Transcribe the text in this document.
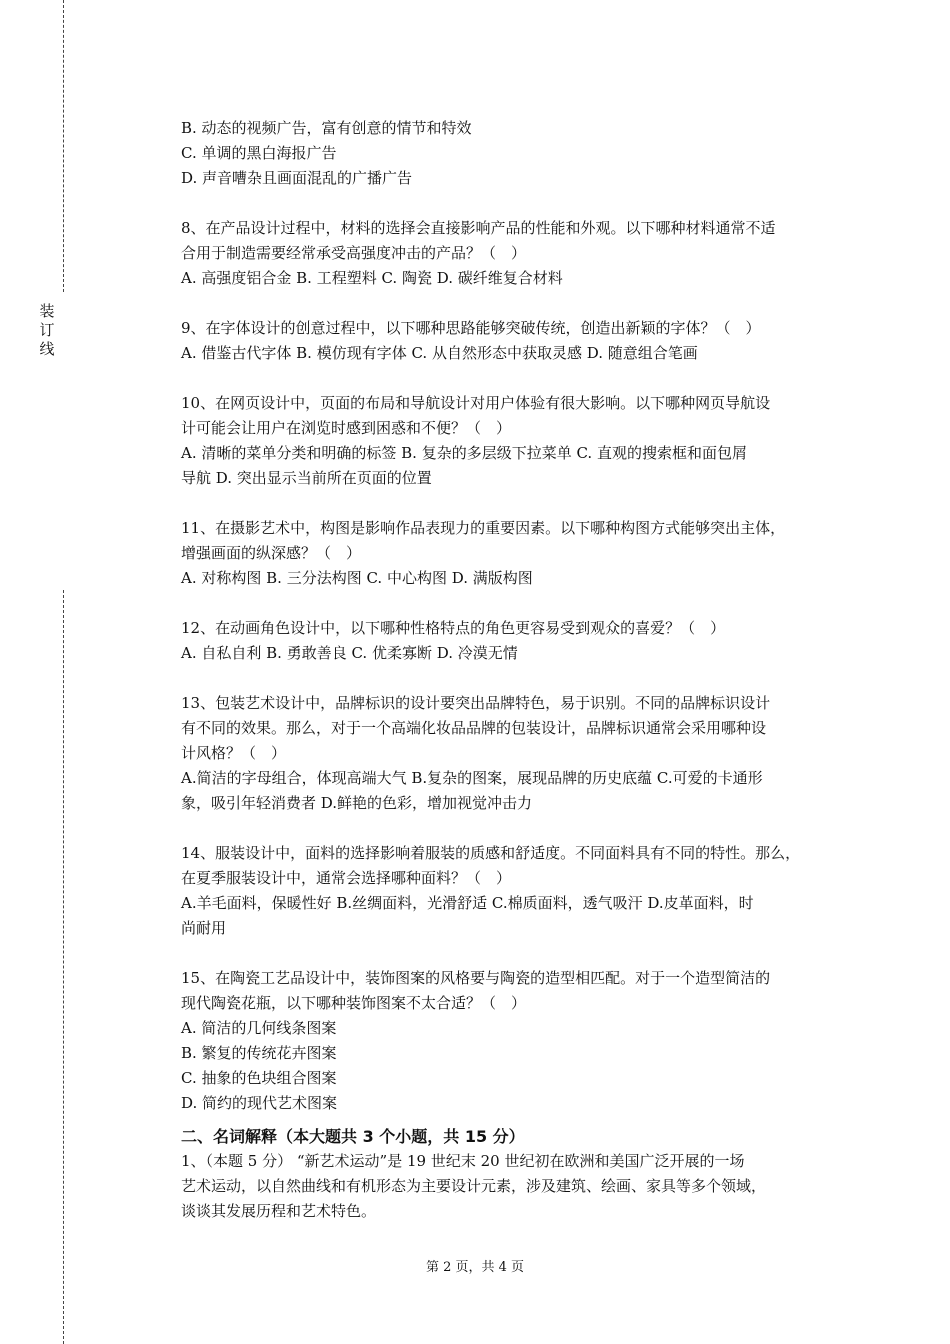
装订线
B. 动态的视频广告，富有创意的情节和特效
C. 单调的黑白海报广告
D. 声音嘈杂且画面混乱的广播广告
8、在产品设计过程中，材料的选择会直接影响产品的性能和外观。以下哪种材料通常不适
合用于制造需要经常承受高强度冲击的产品？（　）
A. 高强度铝合金 B. 工程塑料 C. 陶瓷 D. 碳纤维复合材料
9、在字体设计的创意过程中，以下哪种思路能够突破传统，创造出新颖的字体？（　）
A. 借鉴古代字体 B. 模仿现有字体 C. 从自然形态中获取灵感 D. 随意组合笔画
10、在网页设计中，页面的布局和导航设计对用户体验有很大影响。以下哪种网页导航设
计可能会让用户在浏览时感到困惑和不便？（　）
A. 清晰的菜单分类和明确的标签 B. 复杂的多层级下拉菜单 C. 直观的搜索框和面包屑
导航 D. 突出显示当前所在页面的位置
11、在摄影艺术中，构图是影响作品表现力的重要因素。以下哪种构图方式能够突出主体，
增强画面的纵深感？（　）
A. 对称构图 B. 三分法构图 C. 中心构图 D. 满版构图
12、在动画角色设计中，以下哪种性格特点的角色更容易受到观众的喜爱？（　）
A. 自私自利 B. 勇敢善良 C. 优柔寡断 D. 冷漠无情
13、包装艺术设计中，品牌标识的设计要突出品牌特色，易于识别。不同的品牌标识设计
有不同的效果。那么，对于一个高端化妆品品牌的包装设计，品牌标识通常会采用哪种设
计风格？（　）
A.简洁的字母组合，体现高端大气 B.复杂的图案，展现品牌的历史底蕴 C.可爱的卡通形
象，吸引年轻消费者 D.鲜艳的色彩，增加视觉冲击力
14、服装设计中，面料的选择影响着服装的质感和舒适度。不同面料具有不同的特性。那么，
在夏季服装设计中，通常会选择哪种面料？（　）
A.羊毛面料，保暖性好 B.丝绸面料，光滑舒适 C.棉质面料，透气吸汗 D.皮革面料，时
尚耐用
15、在陶瓷工艺品设计中，装饰图案的风格要与陶瓷的造型相匹配。对于一个造型简洁的
现代陶瓷花瓶，以下哪种装饰图案不太合适？（　）
A. 简洁的几何线条图案
B. 繁复的传统花卉图案
C. 抽象的色块组合图案
D. 简约的现代艺术图案
二、名词解释（本大题共 3 个小题，共 15 分）
1、（本题 5 分） “新艺术运动”是 19 世纪末 20 世纪初在欧洲和美国广泛开展的一场
艺术运动，以自然曲线和有机形态为主要设计元素，涉及建筑、绘画、家具等多个领域，
谈谈其发展历程和艺术特色。
第 2 页，共 4 页
